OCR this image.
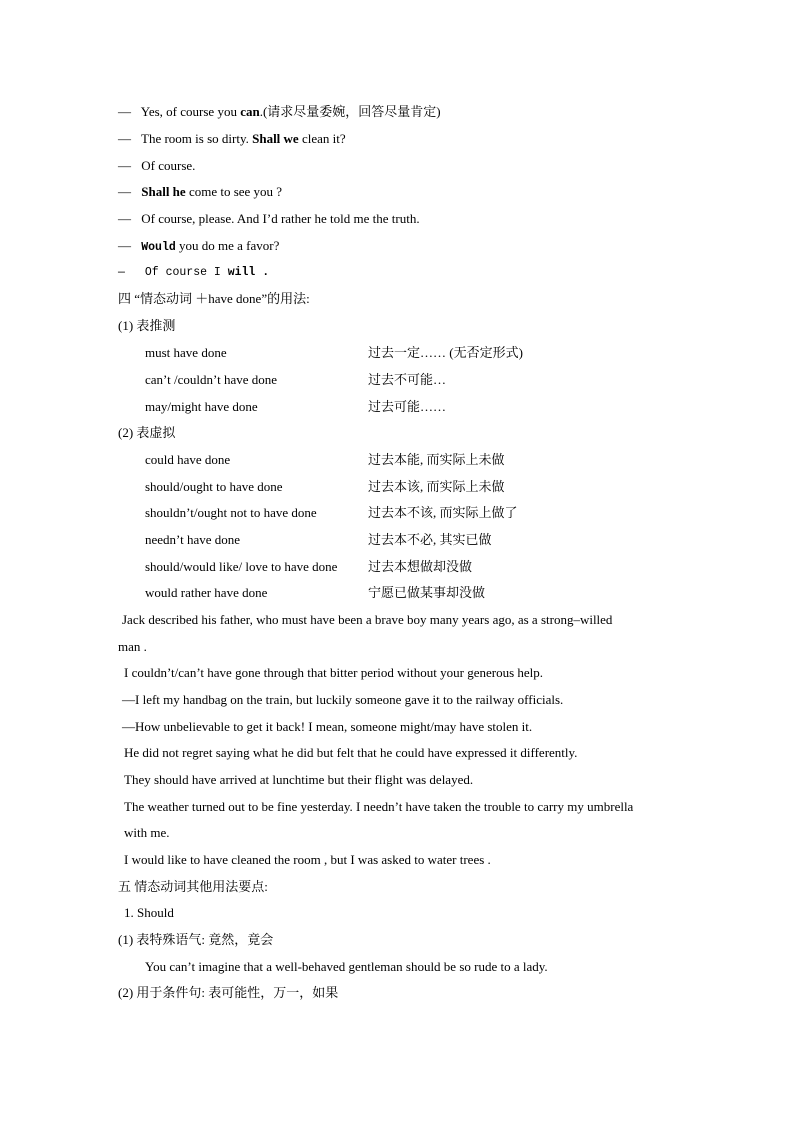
— Yes, of course you can.(请求尽量委婉，回答尽量肯定)
— The room is so dirty. Shall we clean it?
— Of course.
— Shall he come to see you ?
— Of course, please. And I’d rather he told me the truth.
— Would you do me a favor?
— Of course I will .
四 “情态动词 ＋have done”的用法:
(1) 表推测
must have done	过去一定…… (无否定形式)
can’t /couldn’t have done	过去不可能…
may/might have done	过去可能……
(2) 表虚拟
could have done	过去本能, 而实际上未做
should/ought to have done	过去本该, 而实际上未做
shouldn’t/ought not to have done	过去本不该, 而实际上做了
needn’t have done	过去本不必, 其实已做
should/would like/ love to have done 过去本想做却没做
would rather have done	宁愿已做某事却没做
Jack described his father, who must have been a brave boy many years ago, as a strong–willed
man .
I couldn’t/can’t have gone through that bitter period without your generous help.
—I left my handbag on the train, but luckily someone gave it to the railway officials.
—How unbelievable to get it back! I mean, someone might/may have stolen it.
He did not regret saying what he did but felt that he could have expressed it differently.
They should have arrived at lunchtime but their flight was delayed.
The weather turned out to be fine yesterday. I needn’t have taken the trouble to carry my umbrella
with me.
I would like to have cleaned the room , but I was asked to water trees .
五 情态动词其他用法要点:
1. Should
(1) 表特殊语气: 竟然，竟会
You can’t imagine that a well-behaved gentleman should be so rude to a lady.
(2) 用于条件句: 表可能性，万一，如果
